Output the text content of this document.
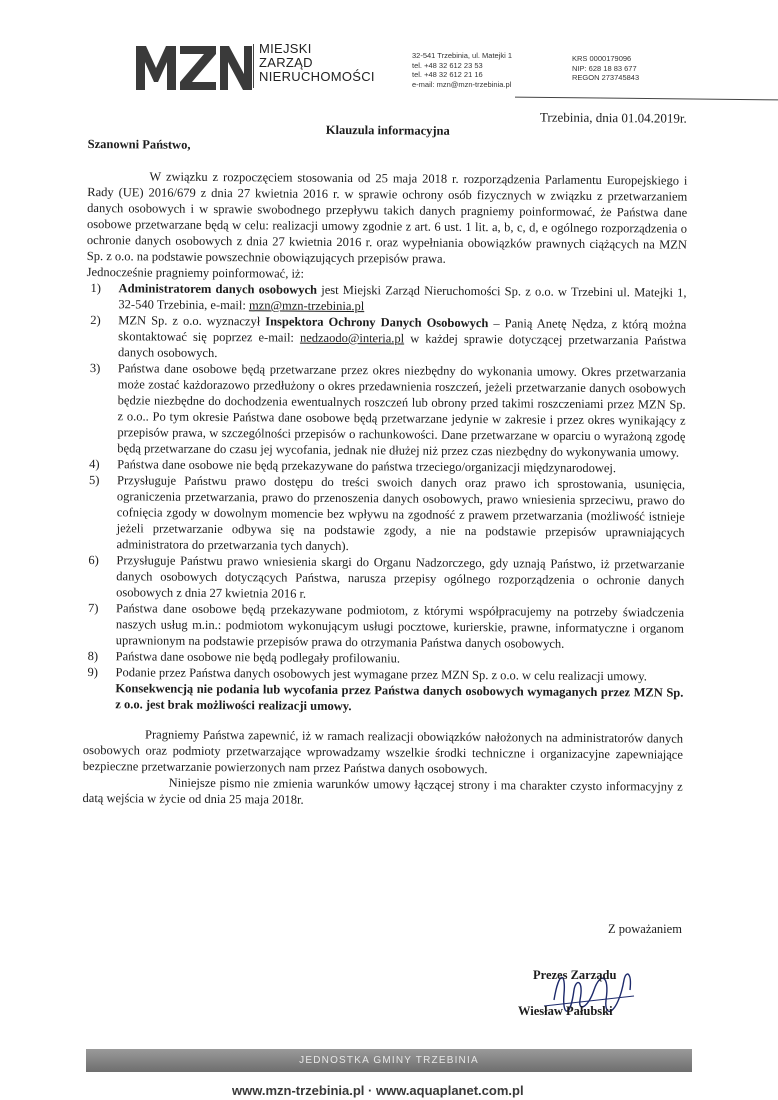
MIEJSKI
ZARZĄD
NIERUCHOMOŚCI
32-541 Trzebinia, ul. Matejki 1
tel. +48 32 612 23 53
tel. +48 32 612 21 16
e-mail: mzn@mzn-trzebinia.pl
KRS 0000179096
NIP: 628 18 83 677
REGON 273745843
Trzebinia, dnia 01.04.2019r.
Klauzula informacyjna
Szanowni Państwo,

W związku z rozpoczęciem stosowania od 25 maja 2018 r. rozporządzenia Parlamentu Europejskiego i Rady (UE) 2016/679 z dnia 27 kwietnia 2016 r. w sprawie ochrony osób fizycznych w związku z przetwarzaniem danych osobowych i w sprawie swobodnego przepływu takich danych pragniemy poinformować, że Państwa dane osobowe przetwarzane będą w celu: realizacji umowy zgodnie z art. 6 ust. 1 lit. a, b, c, d, e ogólnego rozporządzenia o ochronie danych osobowych z dnia 27 kwietnia 2016 r. oraz wypełniania obowiązków prawnych ciążących na MZN Sp. z o.o. na podstawie powszechnie obowiązujących przepisów prawa.

Jednocześnie pragniemy poinformować, iż:

1) Administratorem danych osobowych jest Miejski Zarząd Nieruchomości Sp. z o.o. w Trzebini ul. Matejki 1, 32-540 Trzebinia, e-mail: mzn@mzn-trzebinia.pl
2) MZN Sp. z o.o. wyznaczył Inspektora Ochrony Danych Osobowych – Panią Anetę Nędza, z którą można skontaktować się poprzez e-mail: nedzaodo@interia.pl w każdej sprawie dotyczącej przetwarzania Państwa danych osobowych.
3) Państwa dane osobowe będą przetwarzane przez okres niezbędny do wykonania umowy. Okres przetwarzania może zostać każdorazowo przedłużony o okres przedawnienia roszczeń, jeżeli przetwarzanie danych osobowych będzie niezbędne do dochodzenia ewentualnych roszczeń lub obrony przed takimi roszczeniami przez MZN Sp. z o.o.. Po tym okresie Państwa dane osobowe będą przetwarzane jedynie w zakresie i przez okres wynikający z przepisów prawa, w szczególności przepisów o rachunkowości. Dane przetwarzane w oparciu o wyrażoną zgodę będą przetwarzane do czasu jej wycofania, jednak nie dłużej niż przez czas niezbędny do wykonywania umowy.
4) Państwa dane osobowe nie będą przekazywane do państwa trzeciego/organizacji międzynarodowej.
5) Przysługuje Państwu prawo dostępu do treści swoich danych oraz prawo ich sprostowania, usunięcia, ograniczenia przetwarzania, prawo do przenoszenia danych osobowych, prawo wniesienia sprzeciwu, prawo do cofnięcia zgody w dowolnym momencie bez wpływu na zgodność z prawem przetwarzania (możliwość istnieje jeżeli przetwarzanie odbywa się na podstawie zgody, a nie na podstawie przepisów uprawniających administratora do przetwarzania tych danych).
6) Przysługuje Państwu prawo wniesienia skargi do Organu Nadzorczego, gdy uznają Państwo, iż przetwarzanie danych osobowych dotyczących Państwa, narusza przepisy ogólnego rozporządzenia o ochronie danych osobowych z dnia 27 kwietnia 2016 r.
7) Państwa dane osobowe będą przekazywane podmiotom, z którymi współpracujemy na potrzeby świadczenia naszych usług m.in.: podmiotom wykonującym usługi pocztowe, kurierskie, prawne, informatyczne i organom uprawnionym na podstawie przepisów prawa do otrzymania Państwa danych osobowych.
8) Państwa dane osobowe nie będą podlegały profilowaniu.
9) Podanie przez Państwa danych osobowych jest wymagane przez MZN Sp. z o.o. w celu realizacji umowy.
Konsekwencją nie podania lub wycofania przez Państwa danych osobowych wymaganych przez MZN Sp. z o.o. jest brak możliwości realizacji umowy.

Pragniemy Państwa zapewnić, iż w ramach realizacji obowiązków nałożonych na administratorów danych osobowych oraz podmioty przetwarzające wprowadzamy wszelkie środki techniczne i organizacyjne zapewniające bezpieczne przetwarzanie powierzonych nam przez Państwa danych osobowych.

Niniejsze pismo nie zmienia warunków umowy łączącej strony i ma charakter czysto informacyjny z datą wejścia w życie od dnia 25 maja 2018r.

Z poważaniem
Prezes Zarządu
Wiesław Pałubski
JEDNOSTKA GMINY TRZEBINIA
www.mzn-trzebinia.pl · www.aquaplanet.com.pl
